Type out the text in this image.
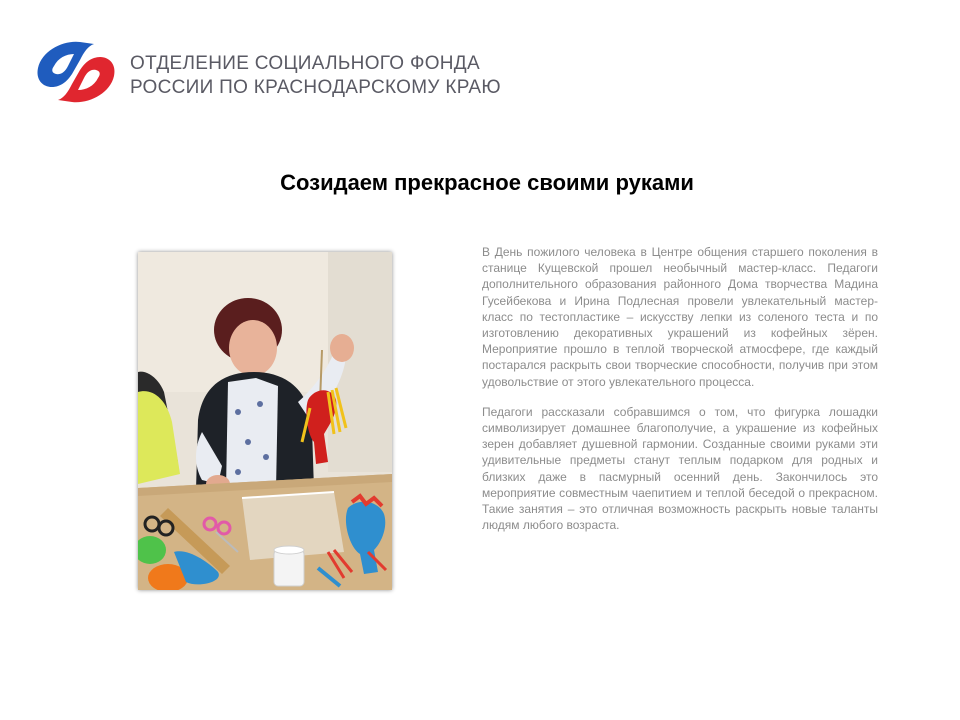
ОТДЕЛЕНИЕ СОЦИАЛЬНОГО ФОНДА
РОССИИ ПО КРАСНОДАРСКОМУ КРАЮ
Созидаем прекрасное своими руками

В День пожилого человека в Центре общения старшего поколения в станице Кущевской прошел необычный мастер-класс. Педагоги дополнительного образования районного Дома творчества Мадина Гусейбекова и Ирина Подлесная провели увлекательный мастер-класс по тестопластике – искусству лепки из соленого теста и по изготовлению декоративных украшений из кофейных зёрен. Мероприятие прошло в теплой творческой атмосфере, где каждый постарался раскрыть свои творческие способности, получив при этом удовольствие от этого увлекательного процесса.

Педагоги рассказали собравшимся о том, что фигурка лошадки символизирует домашнее благополучие, а украшение из кофейных зерен добавляет душевной гармонии. Созданные своими руками эти удивительные предметы станут теплым подарком для родных и близких даже в пасмурный осенний день. Закончилось это мероприятие совместным чаепитием и теплой беседой о прекрасном. Такие занятия – это отличная возможность раскрыть новые таланты людям любого возраста.
